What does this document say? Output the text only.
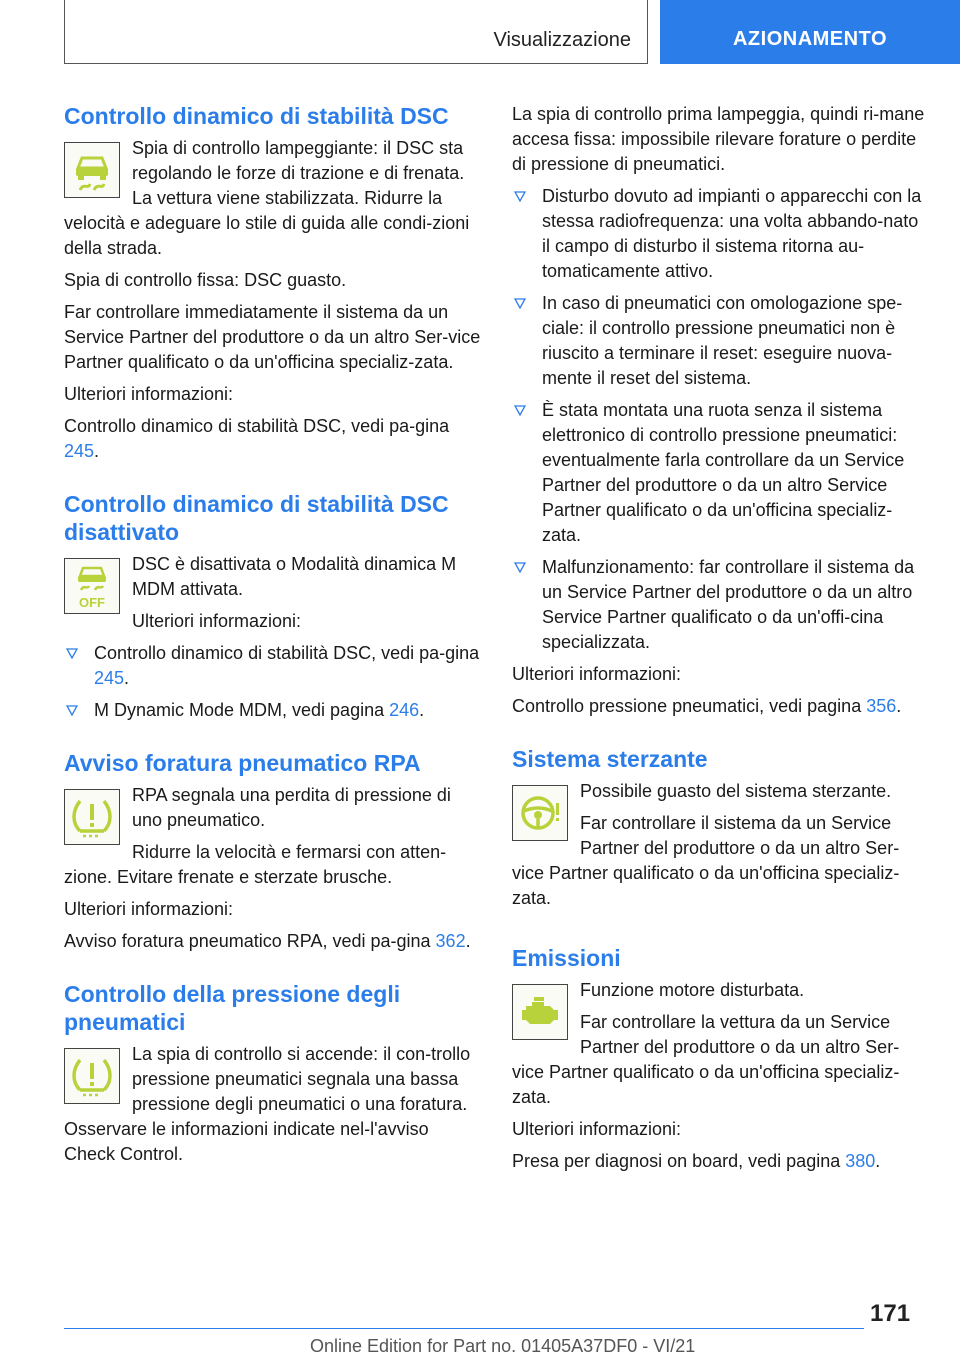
Visualizzazione	AZIONAMENTO
Controllo dinamico di stabilità DSC

Spia di controllo lampeggiante: il DSC sta regolando le forze di trazione e di frenata. La vettura viene stabilizzata. Ridurre la velocità e adeguare lo stile di guida alle condi-zioni della strada.

Spia di controllo fissa: DSC guasto.

Far controllare immediatamente il sistema da un Service Partner del produttore o da un altro Ser-vice Partner qualificato o da un'officina specializ-zata.

Ulteriori informazioni:

Controllo dinamico di stabilità DSC, vedi pa-gina 245.

Controllo dinamico di stabilità DSC disattivato
OFF

DSC è disattivata o Modalità dinamica M MDM attivata.

Ulteriori informazioni:

Controllo dinamico di stabilità DSC, vedi pa-gina 245.
M Dynamic Mode MDM, vedi pagina 246.
Avviso foratura pneumatico RPA

RPA segnala una perdita di pressione di uno pneumatico.

Ridurre la velocità e fermarsi con atten-zione. Evitare frenate e sterzate brusche.

Ulteriori informazioni:

Avviso foratura pneumatico RPA, vedi pa-gina 362.

Controllo della pressione degli pneumatici

La spia di controllo si accende: il con-trollo pressione pneumatici segnala una bassa pressione degli pneumatici o una foratura. Osservare le informazioni indicate nel-l'avviso Check Control.

La spia di controllo prima lampeggia, quindi ri-mane accesa fissa: impossibile rilevare forature o perdite di pressione di pneumatici.

Disturbo dovuto ad impianti o apparecchi con la stessa radiofrequenza: una volta abbando-nato il campo di disturbo il sistema ritorna au-tomaticamente attivo.
In caso di pneumatici con omologazione spe-ciale: il controllo pressione pneumatici non è riuscito a terminare il reset: eseguire nuova-mente il reset del sistema.
È stata montata una ruota senza il sistema elettronico di controllo pressione pneumatici: eventualmente farla controllare da un Service Partner del produttore o da un altro Service Partner qualificato o da un'officina specializ-zata.
Malfunzionamento: far controllare il sistema da un Service Partner del produttore o da un altro Service Partner qualificato o da un'offi-cina specializzata.

Ulteriori informazioni:

Controllo pressione pneumatici, vedi pagina 356.

Sistema sterzante

Possibile guasto del sistema sterzante.

Far controllare il sistema da un Service Partner del produttore o da un altro Ser-vice Partner qualificato o da un'officina specializ-zata.

Emissioni

Funzione motore disturbata.

Far controllare la vettura da un Service Partner del produttore o da un altro Ser-vice Partner qualificato o da un'officina specializ-zata.

Ulteriori informazioni:

Presa per diagnosi on board, vedi pagina 380.

171
Online Edition for Part no. 01405A37DF0 - VI/21
